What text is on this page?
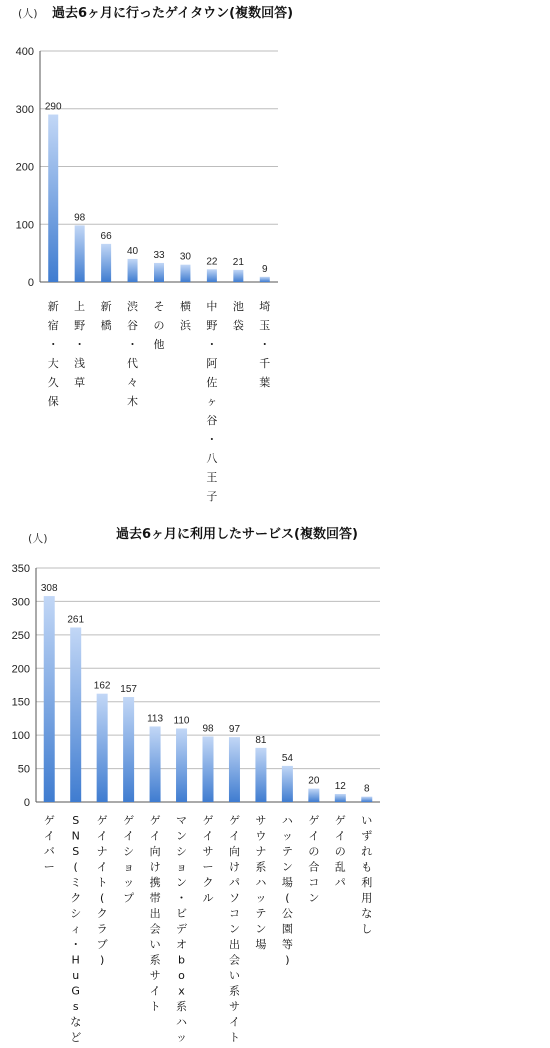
(人) 過去6ヶ月に行ったゲイタウン(複数回答)
0
100
200
300
400
290
新宿・大久保
98
上野・浅草
66
新橋
40
渋谷・代々木
33
その他
30
横浜
22
中野・阿佐ヶ谷・八王子
21
池袋
9
埼玉・千葉
(人)	過去6ヶ月に利用したサービス(複数回答)
0
50
100
150
200
250
300
350
308
ゲイバー
261
S N S (ミクシィ・ H u G s など
162
ゲイナイト(クラブ)
157
ゲイショップ
113
ゲイ向け携帯出会い系サイト
110
マンション・ビデオ b o x 系ハッ
98
ゲイサークル
97
ゲイ向けパソコン出会い系サイト
81
サウナ系ハッテン場
54
ハッテン場(公園等)
20
ゲイの合コン
12
ゲイの乱パ
8
いずれも利用なし
